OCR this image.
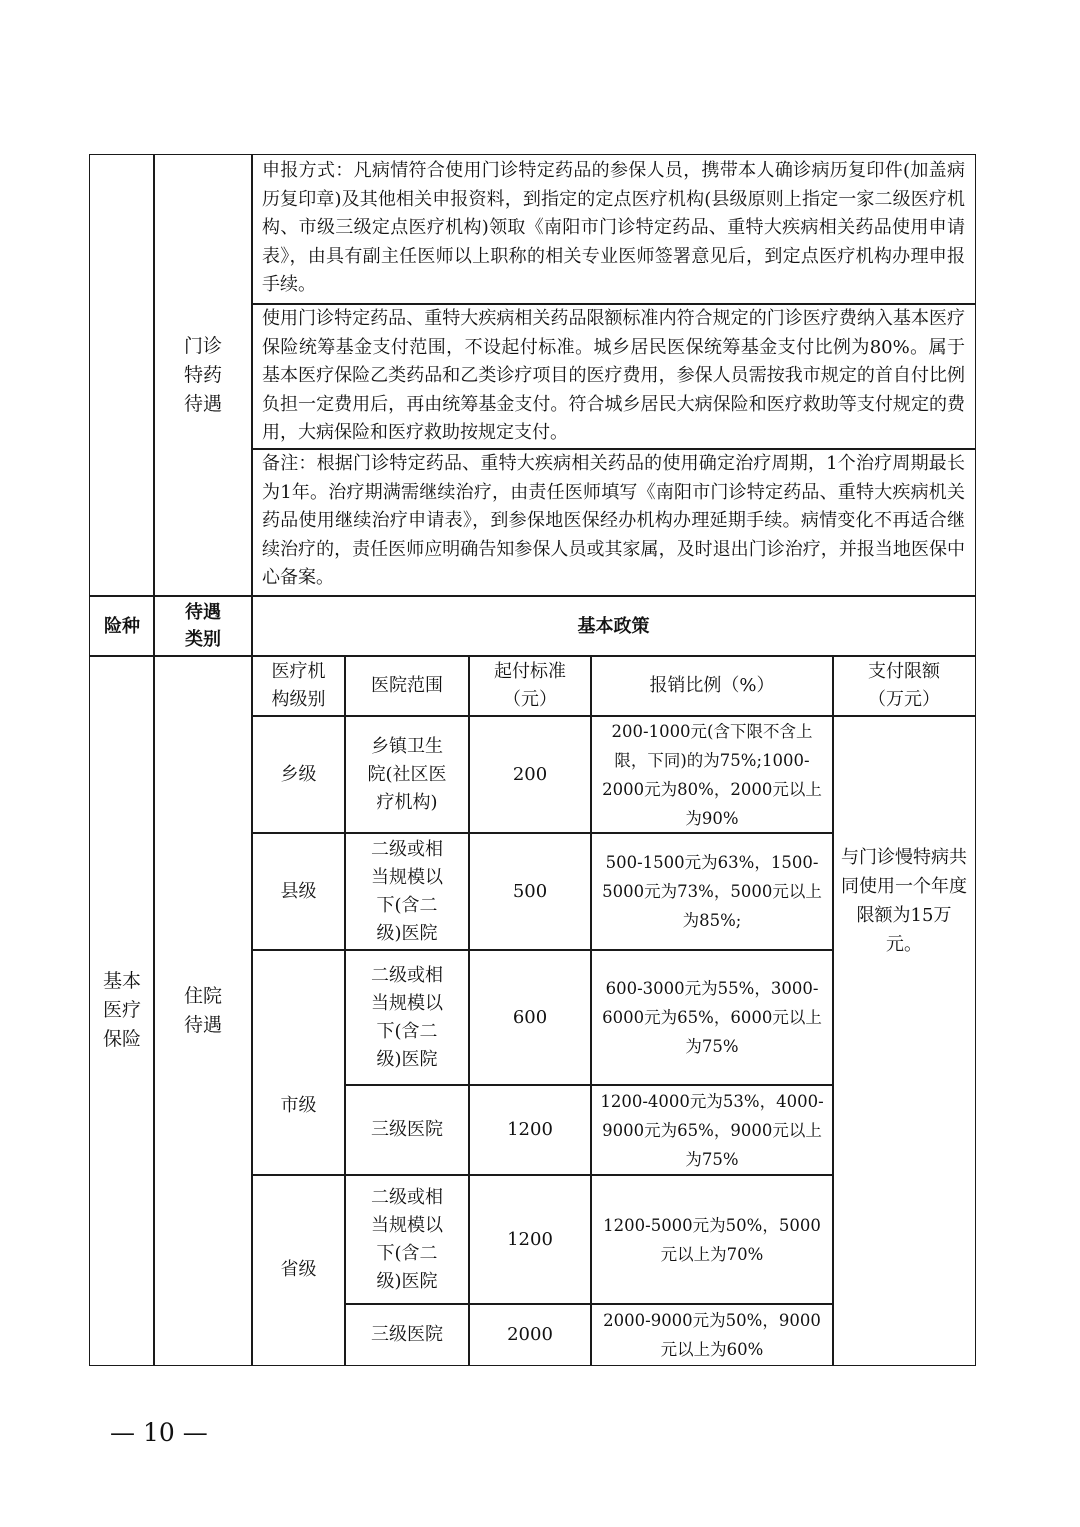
门诊特药待遇
申报方式：凡病情符合使用门诊特定药品的参保人员，携带本人确诊病历复印件(加盖病历复印章)及其他相关申报资料，到指定的定点医疗机构(县级原则上指定一家二级医疗机构、市级三级定点医疗机构)领取《南阳市门诊特定药品、重特大疾病相关药品使用申请表》，由具有副主任医师以上职称的相关专业医师签署意见后，到定点医疗机构办理申报手续。
使用门诊特定药品、重特大疾病相关药品限额标准内符合规定的门诊医疗费纳入基本医疗保险统筹基金支付范围，不设起付标准。城乡居民医保统筹基金支付比例为80%。属于基本医疗保险乙类药品和乙类诊疗项目的医疗费用，参保人员需按我市规定的首自付比例负担一定费用后，再由统筹基金支付。符合城乡居民大病保险和医疗救助等支付规定的费用，大病保险和医疗救助按规定支付。
备注：根据门诊特定药品、重特大疾病相关药品的使用确定治疗周期，1个治疗周期最长为1年。治疗期满需继续治疗，由责任医师填写《南阳市门诊特定药品、重特大疾病机关药品使用继续治疗申请表》，到参保地医保经办机构办理延期手续。病情变化不再适合继续治疗的，责任医师应明确告知参保人员或其家属，及时退出门诊治疗，并报当地医保中心备案。
险种
待遇类别
基本政策
基本医疗保险
住院待遇
医疗机构级别
医院范围
起付标准（元）
报销比例（%）
支付限额（万元）
乡级
县级
市级
省级
乡镇卫生院(社区医疗机构)
200
200-1000元(含下限不含上限，下同)的为75%;1000-2000元为80%，2000元以上为90%
二级或相当规模以下(含二级)医院
500
500-1500元为63%，1500-5000元为73%，5000元以上为85%;
二级或相当规模以下(含二级)医院
600
600-3000元为55%，3000-6000元为65%，6000元以上为75%
三级医院	1200
1200-4000元为53%，4000-9000元为65%，9000元以上为75%
二级或相当规模以下(含二级)医院
1200
1200-5000元为50%，5000元以上为70%
三级医院	2000
2000-9000元为50%，9000元以上为60%
与门诊慢特病共同使用一个年度限额为15万元。
— 10 —
